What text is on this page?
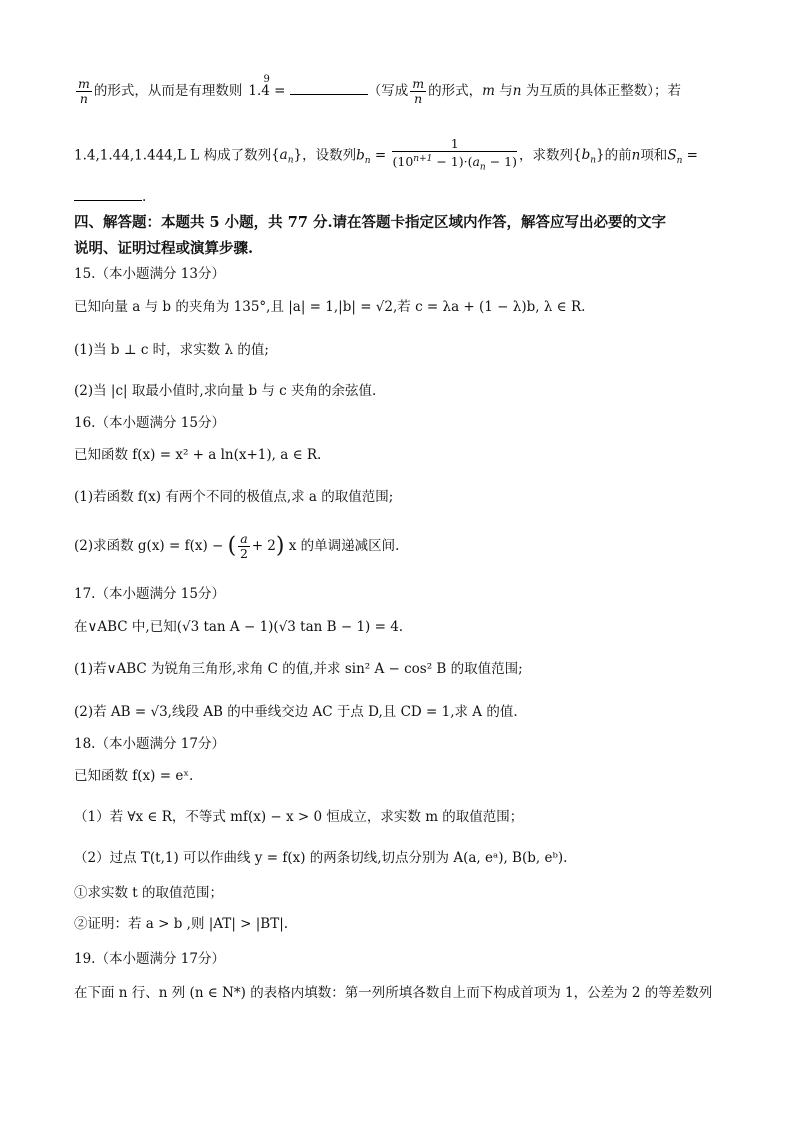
$\frac{m}{n}$ 的形式，从而是有理数则 1.4
9
=	（写成 $\frac{m}{n}$ 的形式，m 与n 为互质的具体正整数）；若
1.4,1.44,1.444,L L 构成了数列$\{a_n\}$，设数列$b_n = \frac{1}{(10^{n+1} - 1)\cdot(a_n - 1)}$ ，求数列$\{b_n\}$的前n项和$S_n$ =
.
四、解答题：本题共 5 小题，共 77 分.请在答题卡指定区域内作答，解答应写出必要的文字
说明、证明过程或演算步骤.
15.（本小题满分 13分）
已知向量 a 与 b 的夹角为 135°,且 |a| = 1,|b| = √2,若 c = λa + (1 − λ)b, λ ∈ R.
(1)当 b ⊥ c 时，求实数 λ 的值;
(2)当 |c| 取最小值时,求向量 b 与 c 夹角的余弦值.
16.（本小题满分 15分）
已知函数 f(x) = x² + a ln(x+1), a ∈ R.
(1)若函数 f(x) 有两个不同的极值点,求 a 的取值范围;
(2)求函数 g(x) = f(x) − ( $\frac{a}{2} + 2$) x 的单调递减区间.
17.（本小题满分 15分）
在∨ABC 中,已知(√3 tan A − 1)(√3 tan B − 1) = 4.
(1)若∨ABC 为锐角三角形,求角 C 的值,并求 sin² A − cos² B 的取值范围;
(2)若 AB = √3,线段 AB 的中垂线交边 AC 于点 D,且 CD = 1,求 A 的值.
18.（本小题满分 17分）
已知函数 f(x) = eˣ.
（1）若 ∀x ∈ R，不等式 mf(x) − x > 0 恒成立，求实数 m 的取值范围；
（2）过点 T(t,1) 可以作曲线 y = f(x) 的两条切线,切点分别为 A(a, eᵃ), B(b, eᵇ).
①求实数 t 的取值范围；
②证明：若 a > b ,则 |AT| > |BT|.
19.（本小题满分 17分）
在下面 n 行、n 列 (n ∈ N*) 的表格内填数：第一列所填各数自上而下构成首项为 1，公差为 2 的等差数列
